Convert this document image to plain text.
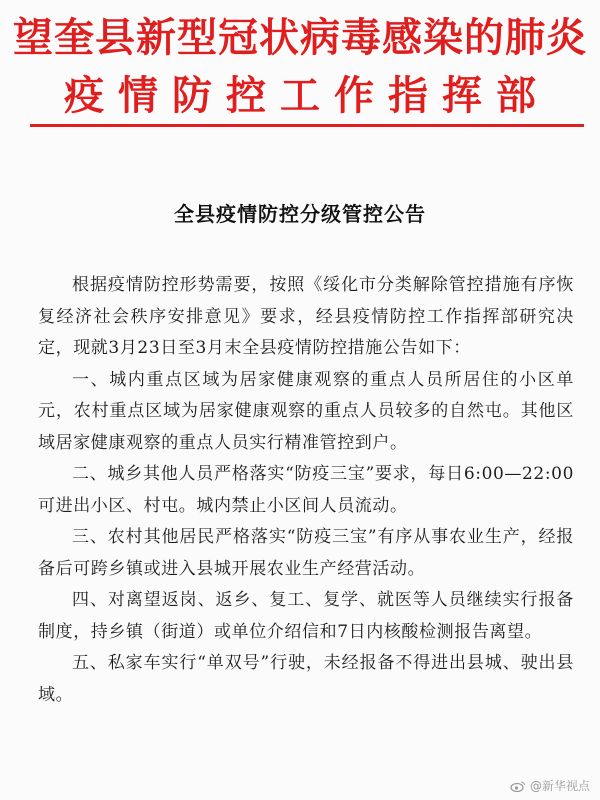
望奎县新型冠状病毒感染的肺炎
疫情防控工作指挥部
全县疫情防控分级管控公告

根据疫情防控形势需要，按照《绥化市分类解除管控措施有序恢复经济社会秩序安排意见》要求，经县疫情防控工作指挥部研究决定，现就3月23日至3月末全县疫情防控措施公告如下：

一、城内重点区域为居家健康观察的重点人员所居住的小区单元，农村重点区域为居家健康观察的重点人员较多的自然屯。其他区域居家健康观察的重点人员实行精准管控到户。

二、城乡其他人员严格落实“防疫三宝”要求，每日6:00—22:00可进出小区、村屯。城内禁止小区间人员流动。

三、农村其他居民严格落实“防疫三宝”有序从事农业生产，经报备后可跨乡镇或进入县城开展农业生产经营活动。

四、对离望返岗、返乡、复工、复学、就医等人员继续实行报备制度，持乡镇（街道）或单位介绍信和7日内核酸检测报告离望。

五、私家车实行“单双号”行驶，未经报备不得进出县城、驶出县域。

@新华视点
